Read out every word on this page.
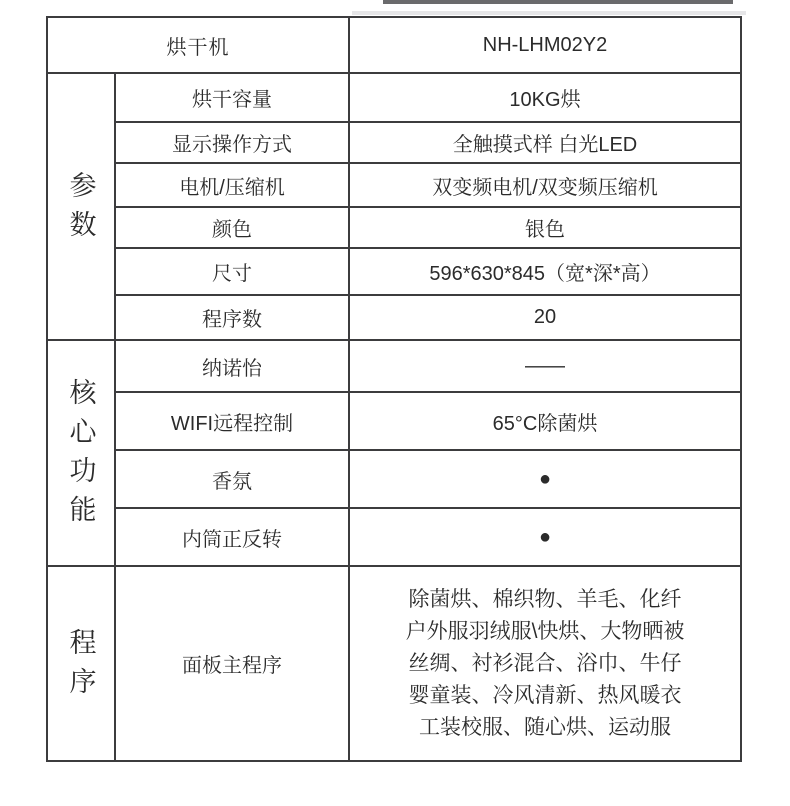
烘干机		NH-LHM02Y2
参数	烘干容量	10KG烘
	显示操作方式	全触摸式样 白光LED
	电机/压缩机	双变频电机/双变频压缩机
	颜色	银色
	尺寸	596*630*845（宽*深*高）
	程序数	20
核心功能	纳诺怡	——
	WIFI远程控制	65°C除菌烘
	香氛	●
	内筒正反转	●
程序	面板主程序	除菌烘、棉织物、羊毛、化纤
户外服羽绒服\快烘、大物晒被
丝绸、衬衫混合、浴巾、牛仔
婴童装、冷风清新、热风暖衣
工装校服、随心烘、运动服
